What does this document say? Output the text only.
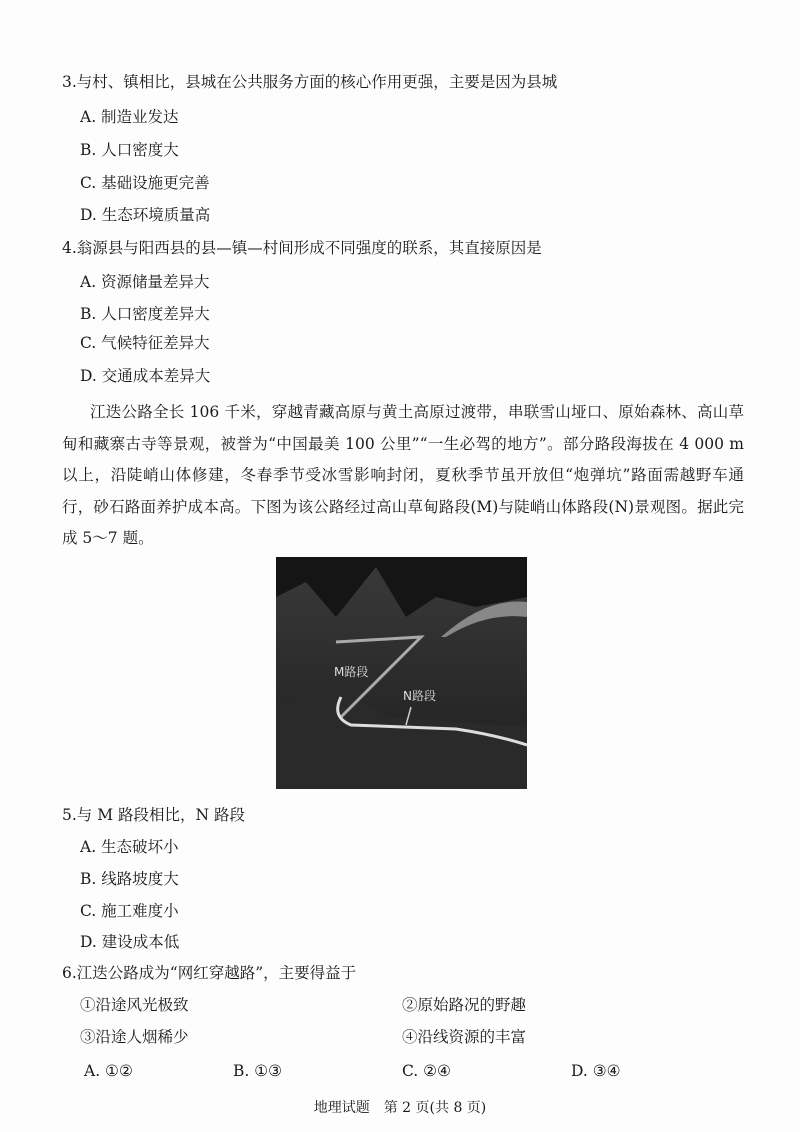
3.与村、镇相比，县城在公共服务方面的核心作用更强，主要是因为县城
A. 制造业发达
B. 人口密度大
C. 基础设施更完善
D. 生态环境质量高
4.翁源县与阳西县的县—镇—村间形成不同强度的联系，其直接原因是
A. 资源储量差异大
B. 人口密度差异大
C. 气候特征差异大
D. 交通成本差异大
江迭公路全长 106 千米，穿越青藏高原与黄土高原过渡带，串联雪山垭口、原始森林、高山草甸和藏寨古寺等景观，被誉为“中国最美 100 公里”“一生必驾的地方”。部分路段海拔在 4 000 m 以上，沿陡峭山体修建，冬春季节受冰雪影响封闭，夏秋季节虽开放但“炮弹坑”路面需越野车通行，砂石路面养护成本高。下图为该公路经过高山草甸路段(M)与陡峭山体路段(N)景观图。据此完成 5～7 题。
M路段
N路段
5.与 M 路段相比，N 路段
A. 生态破坏小
B. 线路坡度大
C. 施工难度小
D. 建设成本低
6.江迭公路成为“网红穿越路”，主要得益于
①沿途风光极致	②原始路况的野趣
③沿途人烟稀少	④沿线资源的丰富
A. ①②	B. ①③	C. ②④	D. ③④
地理试题　第 2 页(共 8 页)
